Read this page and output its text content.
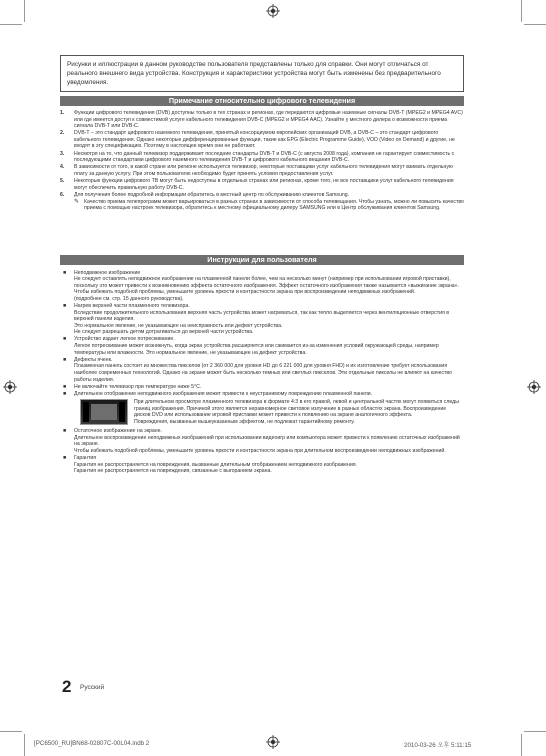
Рисунки и иллюстрации в данном руководстве пользователя представлены только для справки. Они могут отличаться от реального внешнего вида устройства. Конструкция и характеристики устройства могут быть изменены без предварительного уведомления.
Примечание относительно цифрового телевидения
1.	Функции цифрового телевидения (DVB) доступны только в тех странах и регионах, где передаются цифровые наземные сигналы DVB-T (MPEG2 и MPEG4 AVC) или где имеется доступ к совместимой услуге кабельного телевидения DVB-C (MPEG2 и MPEG4 AAC). Узнайте у местного дилера о возможности приема сигнала DVB-T или DVB-C.
2.	DVB-T – это стандарт цифрового наземного телевидения, принятый консорциумом европейских организаций DVB, а DVB-C – это стандарт цифрового кабельного телевидения. Однако некоторые дифференцированные функции, такие как EPG (Electric Programme Guide), VOD (Video on Demand) и другие, не входят в эту спецификацию. Поэтому в настоящее время они не работают.
3.	Несмотря на то, что данный телевизор поддерживает последние стандарты DVB-T и DVB-C (с августа 2008 года), компания не гарантирует совместимость с последующими стандартами цифрового наземного телевидения DVB-T и цифрового кабельного вещания DVB-C.
4.	В зависимости от того, в какой стране или регионе используется телевизор, некоторые поставщики услуг кабельного телевидения могут взимать отдельную плату за данную услугу. При этом пользователю необходимо будет принять условия предоставления услуг.
5.	Некоторые функции цифрового ТВ могут быть недоступны в отдельных странах или регионах, кроме того, не все поставщики услуг кабельного телевидения могут обеспечить правильную работу DVB-C.
6.	Для получения более подробной информации обратитесь в местный центр по обслуживанию клиентов Samsung.
✎ Качество приема телепрограмм может варьироваться в разных странах в зависимости от способа телевещания. Чтобы узнать, можно ли повысить качество приема с помощью настроек телевизора, обратитесь к местному официальному дилеру SAMSUNG или в Центр обслуживания клиентов Samsung.
Инструкции для пользователя
■	Неподвижное изображение
Не следует оставлять неподвижное изображение на плазменной панели более, чем на несколько минут (например при использовании игровой приставки), поскольку это может привести к возникновению эффекта остаточного изображения. Эффект остаточного изображения также называется «выжигание экрана». Чтобы избежать подобной проблемы, уменьшите уровень яркости и контрастности экрана при воспроизведении неподвижных изображений.
(подробнее см. стр. 15 данного руководства).
■	Нагрев верхней части плазменного телевизора.
Вследствие продолжительного использования верхняя часть устройства может нагреваться, так как тепло выделяется через вентиляционные отверстия в верхней панели изделия.
Это нормальное явление, не указывающее на неисправность или дефект устройства.
Не следует разрешать детям дотрагиваться до верхней части устройства.
■	Устройство издает легкое потрескивание.
Легкое потрескивание может возникнуть, когда экран устройства расширяется или сжимается из-за изменения условий окружающей среды, например температуры или влажности. Это нормальное явление, не указывающее на дефект устройства.
■	Дефекты ячеек.
Плазменная панель состоит из множества пикселов (от 2 360 000 для уровня HD до 6 221 000 для уровня FHD) и их изготовление требует использования наиболее современных технологий. Однако на экране может быть несколько темных или светлых пикселов. Эти отдельные пикселы не влияют на качество работы изделия.
■	Не включайте телевизор при температуре ниже 5°C.
■	Длительное отображение неподвижного изображения может привести к неустранимому повреждению плазменной панели.
При длительном просмотре плазменного телевизора в формате 4:3 в его правой, левой и центральной частях могут появиться следы границ изображения. Причиной этого является неравномерное световое излучение в разных областях экрана. Воспроизведение дисков DVD или использование игровой приставки может привести к появлению на экране аналогичного эффекта.
Повреждения, вызванные вышеуказанным эффектом, не подлежат гарантийному ремонту.
■	Остаточное изображение на экране.
Длительное воспроизведение неподвижных изображений при использовании видеоигр или компьютера может привести к появлению остаточных изображений на экране.
Чтобы избежать подобной проблемы, уменьшите уровень яркости и контрастности экрана при длительном воспроизведении неподвижных изображений.
■	Гарантия
Гарантия не распространяется на повреждения, вызванные длительным отображением неподвижного изображения.
Гарантия не распространяется на повреждения, связанные с выгоранием экрана.
2 Русский
[PC6500_RU]BN68-02807C-00L04.indb 2	2010-03-26 오후 5:11:15
